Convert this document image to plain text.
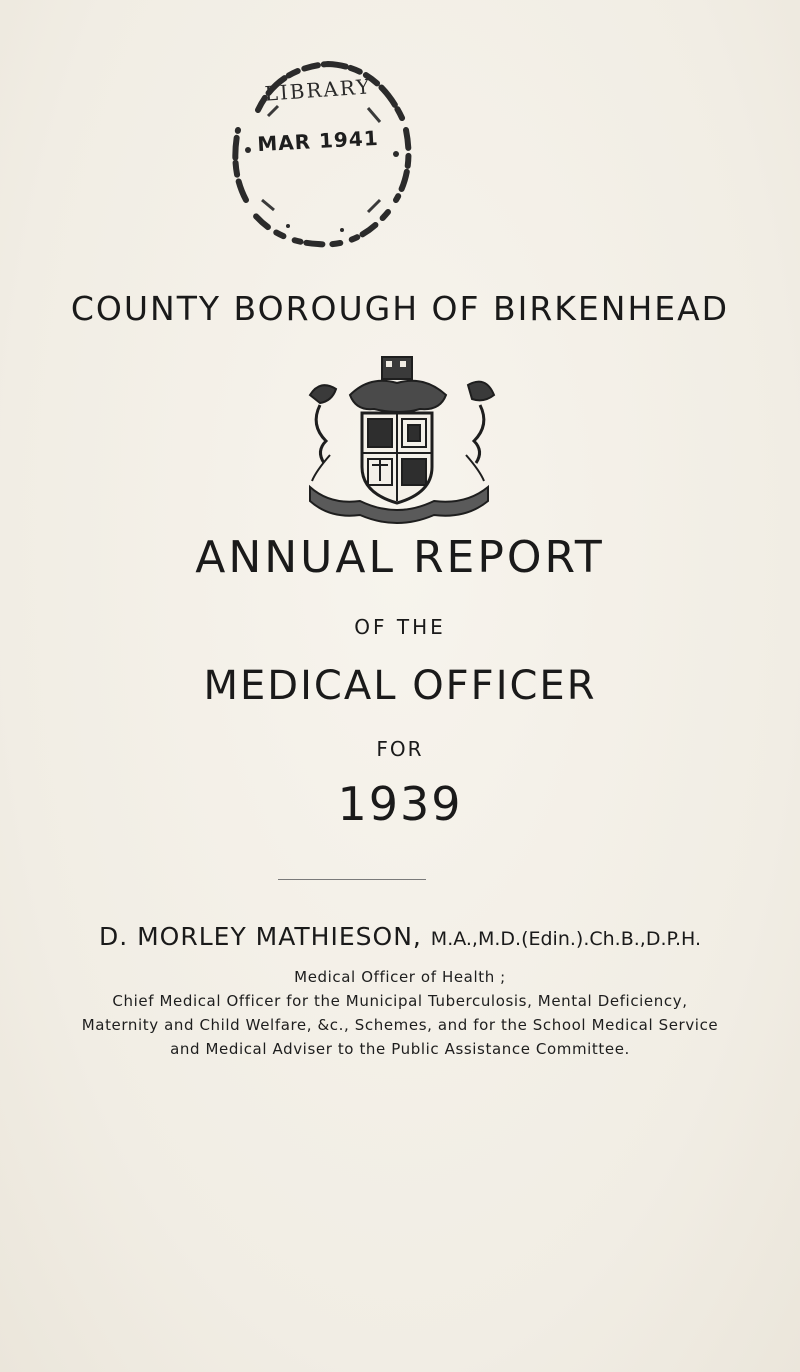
LIBRARY
MAR 1941
COUNTY BOROUGH OF BIRKENHEAD
ANNUAL REPORT
OF THE
MEDICAL OFFICER
FOR
1939
D. MORLEY MATHIESON, M.A.,M.D.(Edin.).Ch.B.,D.P.H.
Medical Officer of Health ;
Chief Medical Officer for the Municipal Tuberculosis, Mental Deficiency,
Maternity and Child Welfare, &c., Schemes, and for the School Medical Service
and Medical Adviser to the Public Assistance Committee.
